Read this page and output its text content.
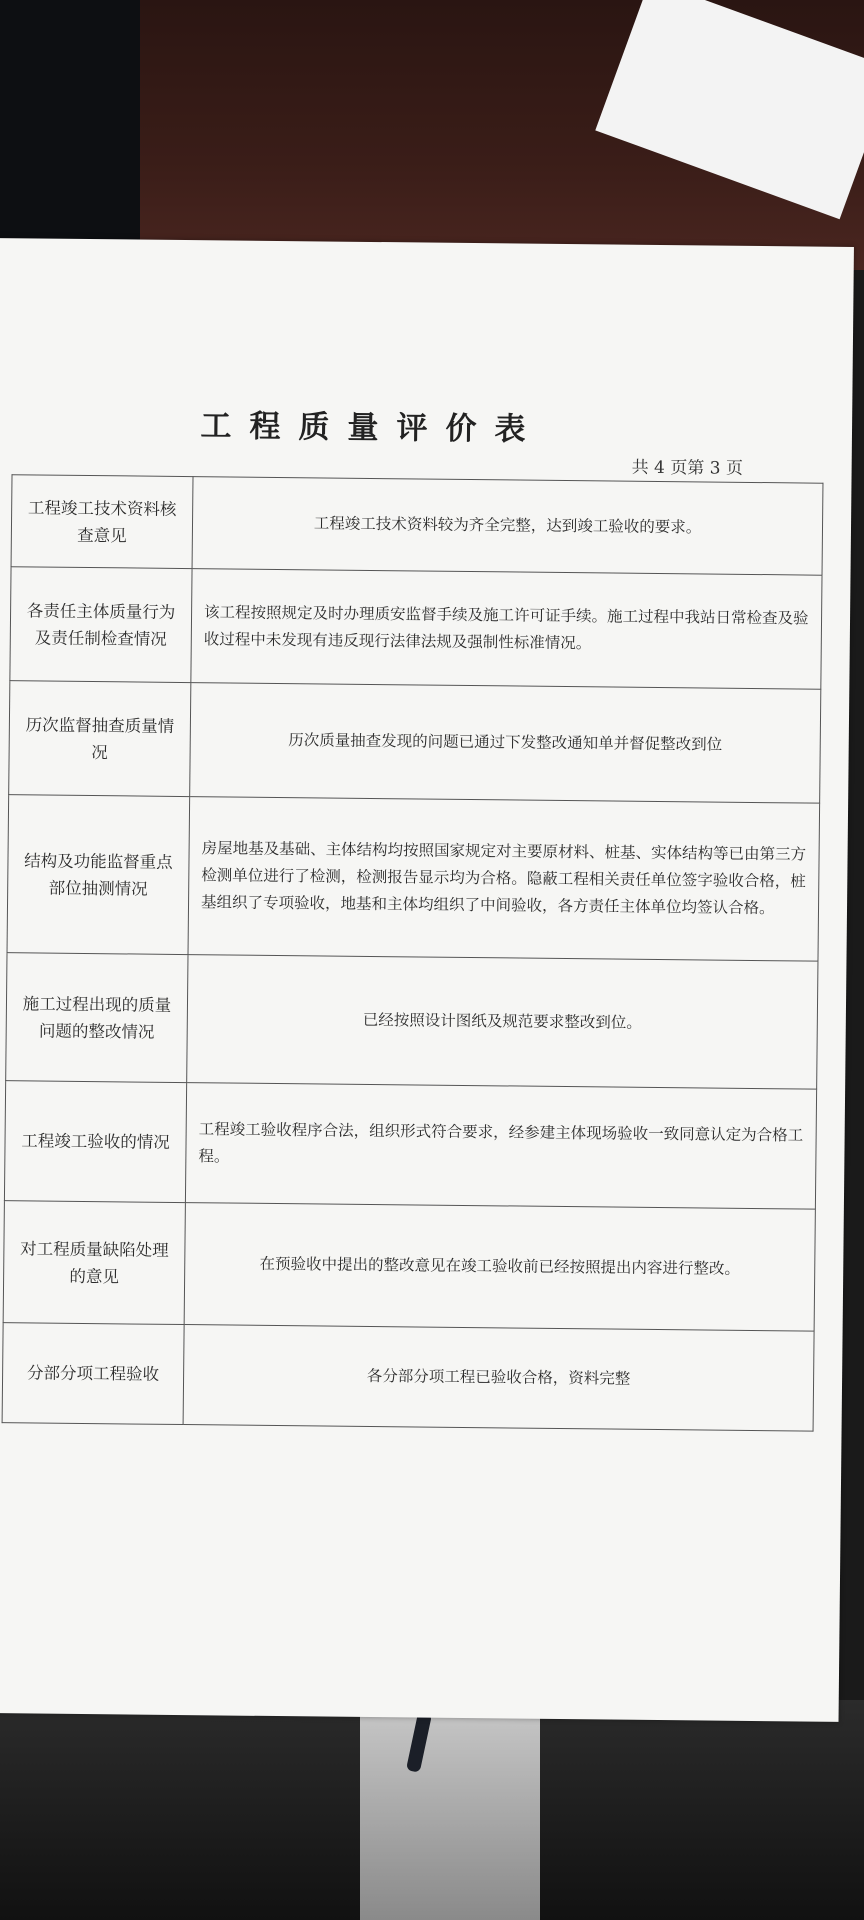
工程质量评价表
共 4 页第 3 页
工程竣工技术资料核查意见	工程竣工技术资料较为齐全完整，达到竣工验收的要求。
各责任主体质量行为及责任制检查情况	该工程按照规定及时办理质安监督手续及施工许可证手续。施工过程中我站日常检查及验收过程中未发现有违反现行法律法规及强制性标准情况。
历次监督抽查质量情况	历次质量抽查发现的问题已通过下发整改通知单并督促整改到位
结构及功能监督重点部位抽测情况	房屋地基及基础、主体结构均按照国家规定对主要原材料、桩基、实体结构等已由第三方检测单位进行了检测，检测报告显示均为合格。隐蔽工程相关责任单位签字验收合格，桩基组织了专项验收，地基和主体均组织了中间验收，各方责任主体单位均签认合格。
施工过程出现的质量问题的整改情况	已经按照设计图纸及规范要求整改到位。
工程竣工验收的情况	工程竣工验收程序合法，组织形式符合要求，经参建主体现场验收一致同意认定为合格工程。
对工程质量缺陷处理的意见	在预验收中提出的整改意见在竣工验收前已经按照提出内容进行整改。
分部分项工程验收	各分部分项工程已验收合格，资料完整
